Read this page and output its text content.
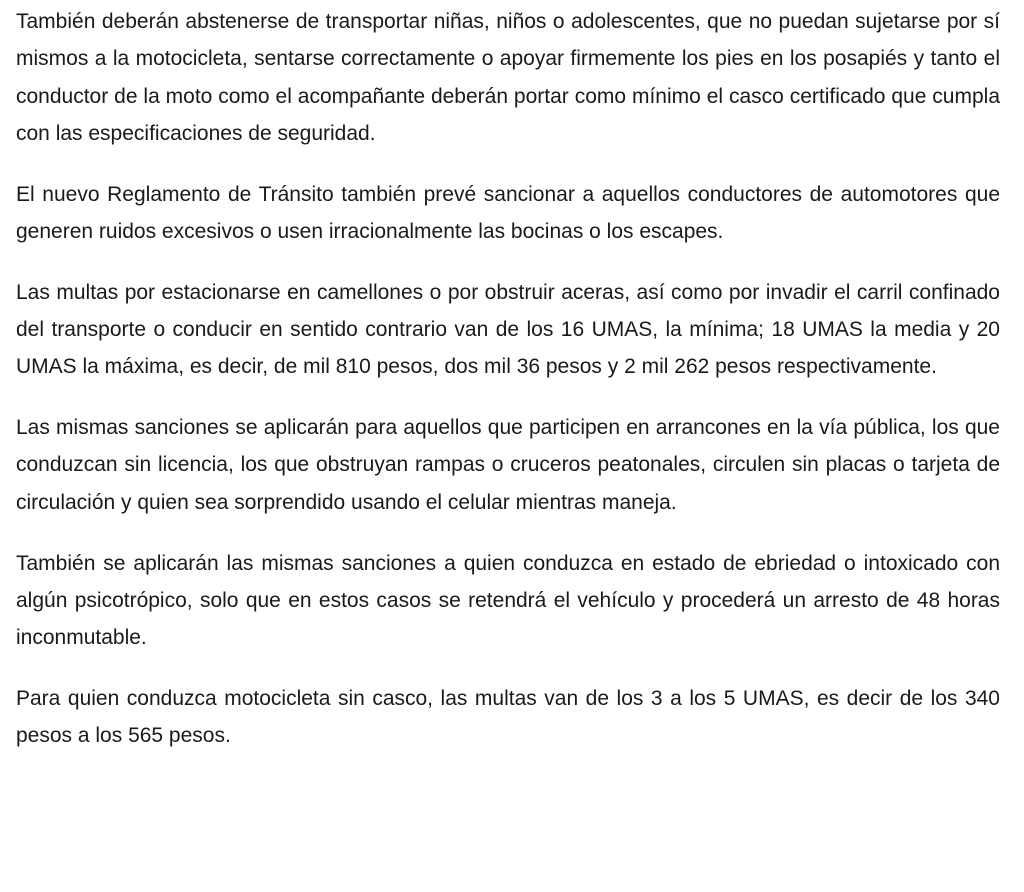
También deberán abstenerse de transportar niñas, niños o adolescentes, que no puedan sujetarse por sí mismos a la motocicleta, sentarse correctamente o apoyar firmemente los pies en los posapiés y tanto el conductor de la moto como el acompañante deberán portar como mínimo el casco certificado que cumpla con las especificaciones de seguridad.

El nuevo Reglamento de Tránsito también prevé sancionar a aquellos conductores de automotores que generen ruidos excesivos o usen irracionalmente las bocinas o los escapes.

Las multas por estacionarse en camellones o por obstruir aceras, así como por invadir el carril confinado del transporte o conducir en sentido contrario van de los 16 UMAS, la mínima; 18 UMAS la media y 20 UMAS la máxima, es decir, de mil 810 pesos, dos mil 36 pesos y 2 mil 262 pesos respectivamente.

Las mismas sanciones se aplicarán para aquellos que participen en arrancones en la vía pública, los que conduzcan sin licencia, los que obstruyan rampas o cruceros peatonales, circulen sin placas o tarjeta de circulación y quien sea sorprendido usando el celular mientras maneja.

También se aplicarán las mismas sanciones a quien conduzca en estado de ebriedad o intoxicado con algún psicotrópico, solo que en estos casos se retendrá el vehículo y procederá un arresto de 48 horas inconmutable.

Para quien conduzca motocicleta sin casco, las multas van de los 3 a los 5 UMAS, es decir de los 340 pesos a los 565 pesos.
